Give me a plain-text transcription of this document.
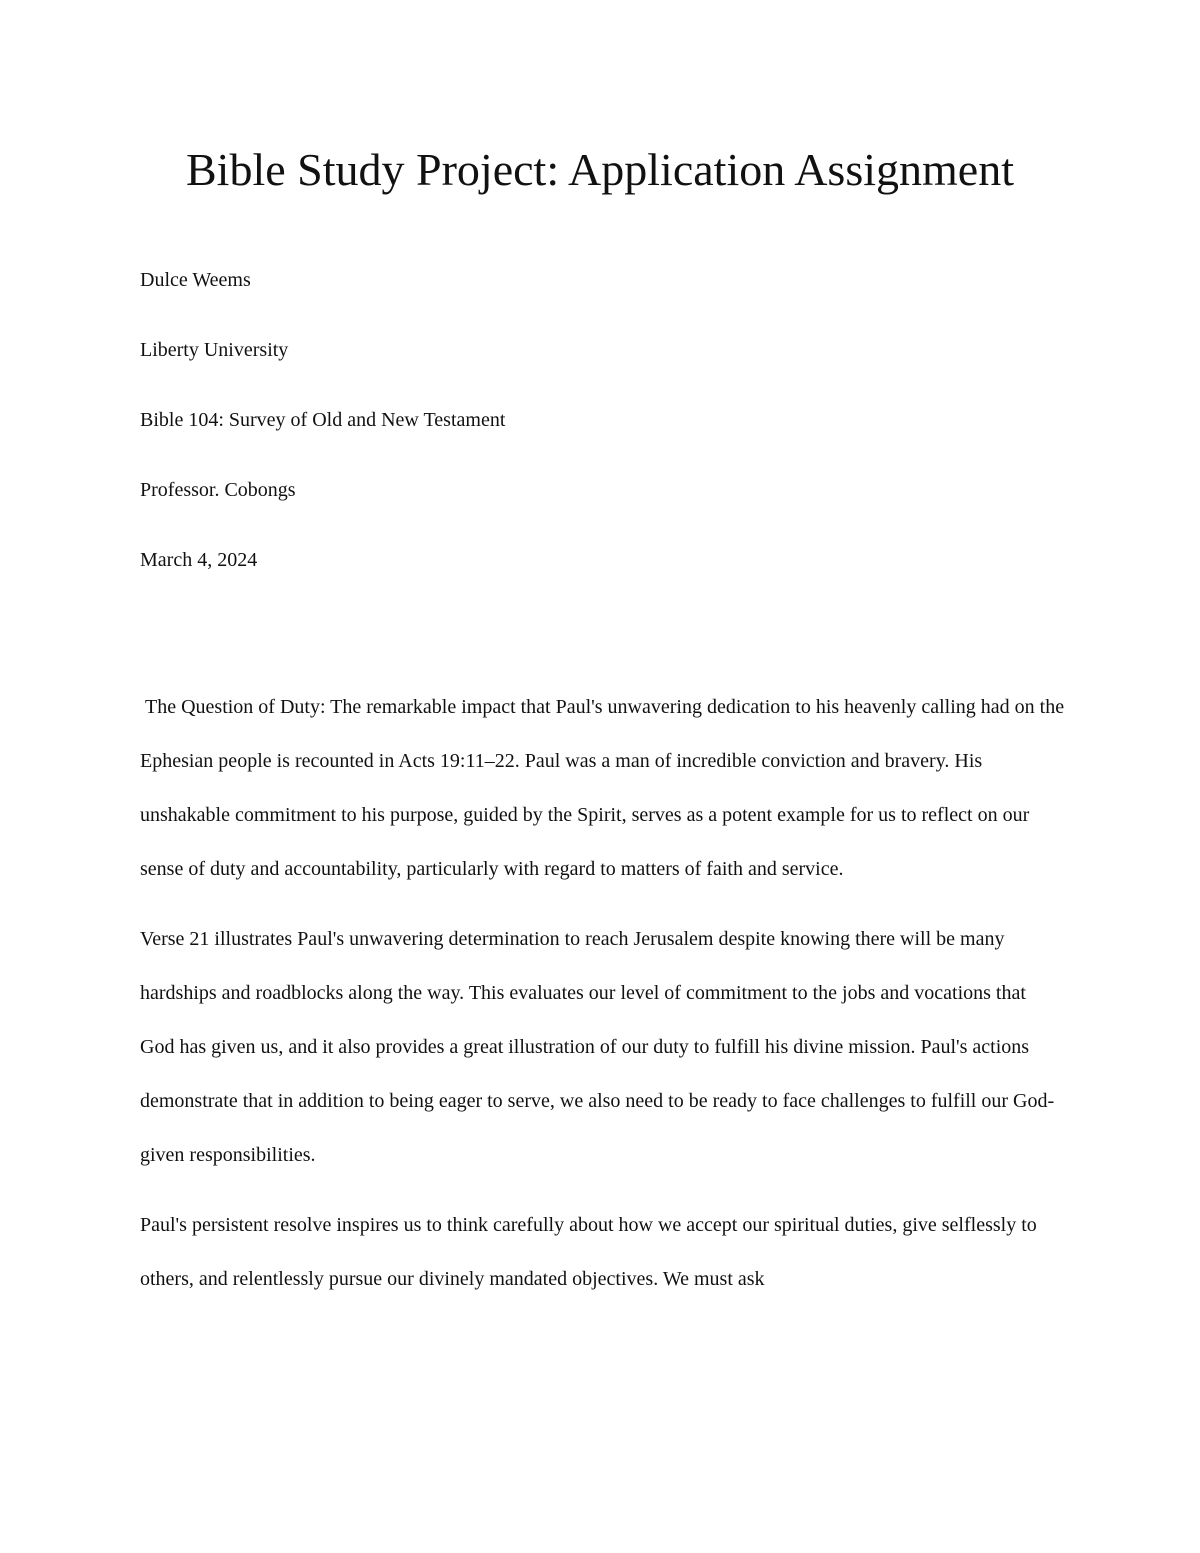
Bible Study Project: Application Assignment

Dulce Weems

Liberty University

Bible 104: Survey of Old and New Testament

Professor. Cobongs

March 4, 2024

The Question of Duty: The remarkable impact that Paul's unwavering dedication to his heavenly calling had on the Ephesian people is recounted in Acts 19:11–22. Paul was a man of incredible conviction and bravery. His unshakable commitment to his purpose, guided by the Spirit, serves as a potent example for us to reflect on our sense of duty and accountability, particularly with regard to matters of faith and service.

Verse 21 illustrates Paul's unwavering determination to reach Jerusalem despite knowing there will be many hardships and roadblocks along the way. This evaluates our level of commitment to the jobs and vocations that God has given us, and it also provides a great illustration of our duty to fulfill his divine mission. Paul's actions demonstrate that in addition to being eager to serve, we also need to be ready to face challenges to fulfill our God-given responsibilities.

Paul's persistent resolve inspires us to think carefully about how we accept our spiritual duties, give selflessly to others, and relentlessly pursue our divinely mandated objectives. We must ask
